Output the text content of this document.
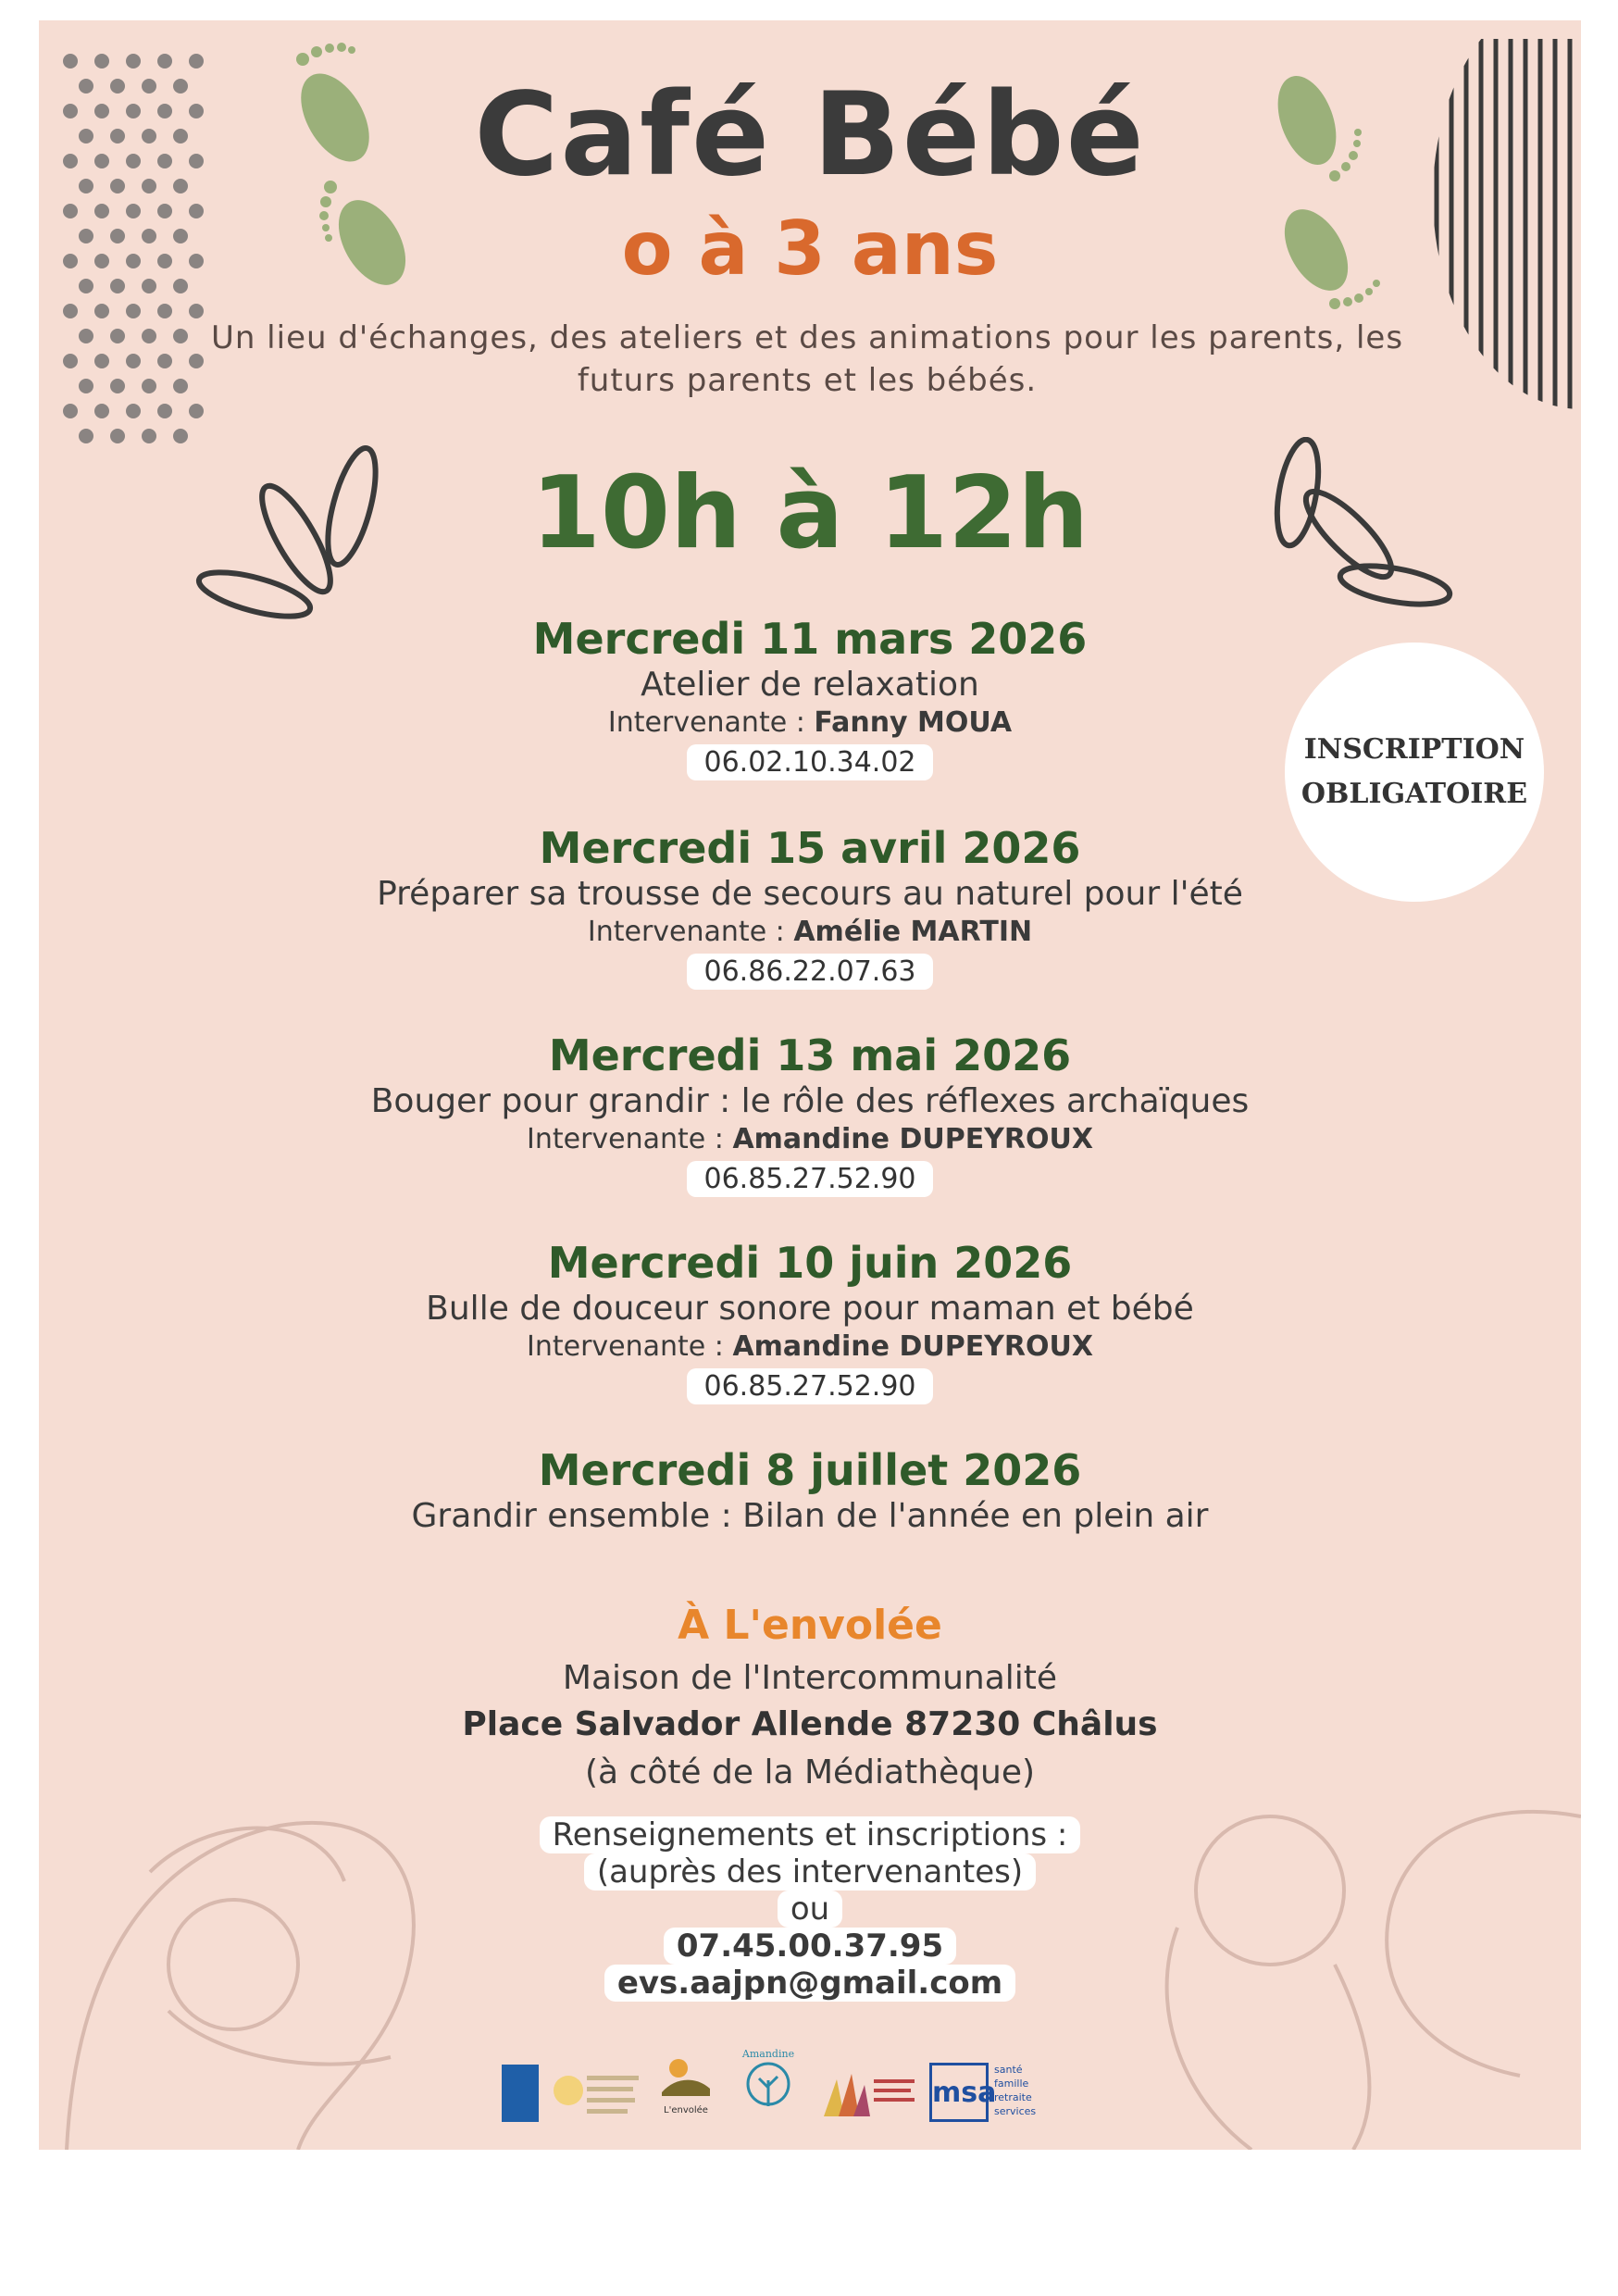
Café Bébé
o à 3 ans
Un lieu d'échanges, des ateliers et des animations pour les parents, les futurs parents et les bébés.
10h à 12h
INSCRIPTION
OBLIGATOIRE
Mercredi 11 mars 2026
Atelier de relaxation
Intervenante : Fanny MOUA
06.02.10.34.02
Mercredi 15 avril 2026
Préparer sa trousse de secours au naturel pour l'été
Intervenante : Amélie MARTIN
06.86.22.07.63
Mercredi 13 mai 2026
Bouger pour grandir : le rôle des réflexes archaïques
Intervenante : Amandine DUPEYROUX
06.85.27.52.90
Mercredi 10 juin 2026
Bulle de douceur sonore pour maman et bébé
Intervenante : Amandine DUPEYROUX
06.85.27.52.90
Mercredi 8 juillet 2026
Grandir ensemble : Bilan de l'année en plein air
À L'envolée
Maison de l'Intercommunalité
Place Salvador Allende 87230 Châlus
(à côté de la Médiathèque)
Renseignements et inscriptions :
(auprès des intervenantes)
ou
07.45.00.37.95
evs.aajpn@gmail.com
L'envolée
Amandine
msa
santé
famille
retraite
services
